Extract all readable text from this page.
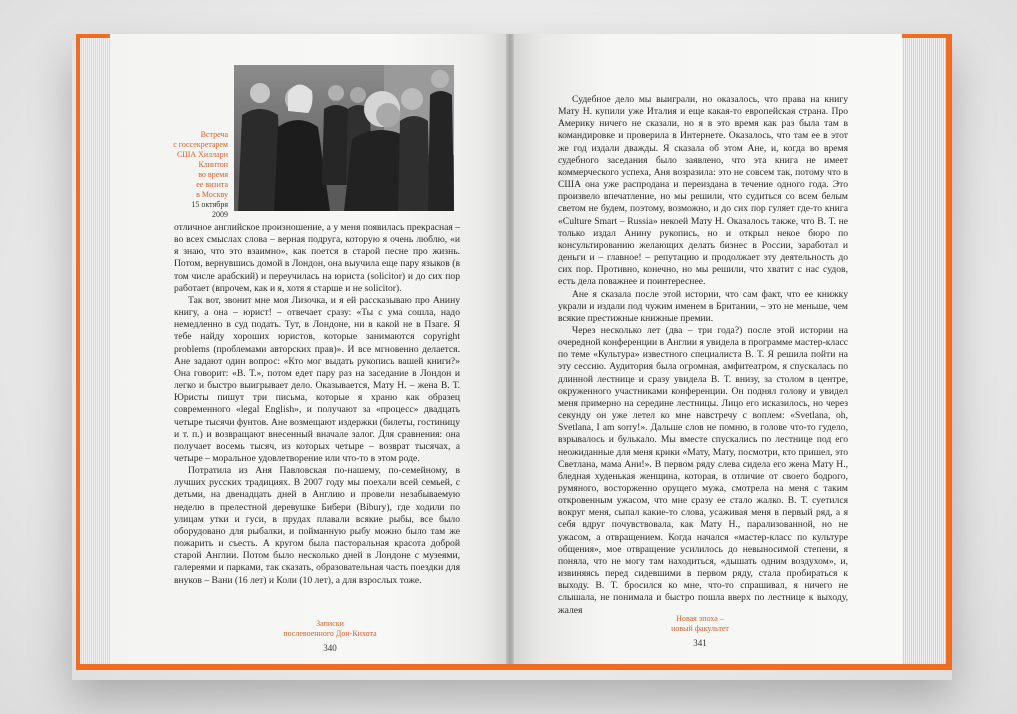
Встреча
с госсекретарем
США Хиллари
Клинтон
во время
ее визита
в Москву
15 октября
2009

отличное английское произношение, а у меня появилась прекрасная – во всех смыслах слова – верная подруга, которую я очень люблю, «и я знаю, что это взаимно», как поется в старой песне про жизнь. Потом, вернувшись домой в Лондон, она выучила еще пару языков (в том числе арабский) и переучилась на юриста (solicitor) и до сих пор работает (впрочем, как и я, хотя я старше и не solicitor).

Так вот, звонит мне моя Лизочка, и я ей рассказываю про Анину книгу, а она – юрист! – отвечает сразу: «Ты с ума сошла, надо немедленно в суд подать. Тут, в Лондоне, ни в какой не в Пзаге. Я тебе найду хороших юристов, которые занимаются copyright problems (проблемами авторских прав)». И все мгновенно делается. Ане задают один вопрос: «Кто мог выдать рукопись вашей книги?» Она говорит: «В. Т.», потом едет пару раз на заседание в Лондон и легко и быстро выигрывает дело. Оказывается, Мату Н. – жена В. Т. Юристы пишут три письма, которые я храню как образец современного «legal English», и получают за «процесс» двадцать четыре тысячи фунтов. Ане возмещают издержки (билеты, гостиницу и т. п.) и возвращают внесенный вначале залог. Для сравнения: она получает восемь тысяч, из которых четыре – возврат тысячах, а четыре – моральное удовлетворение или что-то в этом роде.

Потратила из Аня Павловская по-нашему, по-семейному, в лучших русских традициях. В 2007 году мы поехали всей семьей, с детьми, на двенадцать дней в Англию и провели незабываемую неделю в прелестной деревушке Бибери (Bibury), где ходили по улицам утки и гуси, в прудах плавали всякие рыбы, все было оборудовано для рыбалки, и пойманную рыбу можно было там же пожарить и съесть. А кругом была пасторальная красота доброй старой Англии. Потом было несколько дней в Лондоне с музеями, галереями и парками, так сказать, образовательная часть поездки для внуков – Вани (16 лет) и Коли (10 лет), а для взрослых тоже.

Записки
послевоенного Дон-Кихота
340

Судебное дело мы выиграли, но оказалось, что права на книгу Мату Н. купили уже Италия и еще какая-то европейская страна. Про Америку ничего не сказали, но я в это время как раз была там в командировке и проверила в Интернете. Оказалось, что там ее в этот же год издали дважды. Я сказала об этом Ане, и, когда во время судебного заседания было заявлено, что эта книга не имеет коммерческого успеха, Аня возразила: это не совсем так, потому что в США она уже распродана и переиздана в течение одного года. Это произвело впечатление, но мы решили, что судиться со всем белым светом не будем, поэтому, возможно, и до сих пор гуляет где-то книга «Culture Smart – Russia» некоей Мату Н. Оказалось также, что В. Т. не только издал Анину рукопись, но и открыл некое бюро по консультированию желающих делать бизнес в России, заработал и деньги и – главное! – репутацию и продолжает эту деятельность до сих пор. Противно, конечно, но мы решили, что хватит с нас судов, есть дела поважнее и поинтереснее.

Ане я сказала после этой истории, что сам факт, что ее книжку украли и издали под чужим именем в Британии, – это не меньше, чем всякие престижные книжные премии.

Через несколько лет (два – три года?) после этой истории на очередной конференции в Англии я увидела в программе мастер-класс по теме «Культура» известного специалиста В. Т. Я решила пойти на эту сессию. Аудитория была огромная, амфитеатром, я спускалась по длинной лестнице и сразу увидела В. Т. внизу, за столом в центре, окруженного участниками конференции. Он поднял голову и увидел меня примерно на середине лестницы. Лицо его исказилось, но через секунду он уже летел ко мне навстречу с воплем: «Svetlana, oh, Svetlana, I am sorry!». Дальше слов не помню, в голове что-то гудело, взрывалось и булькало. Мы вместе спускались по лестнице под его неожиданные для меня крики «Мату, Мату, посмотри, кто пришел, это Светлана, мама Ани!». В первом ряду слева сидела его жена Мату Н., бледная худенькая женщина, которая, в отличие от своего бодрого, румяного, восторженно орущего мужа, смотрела на меня с таким откровенным ужасом, что мне сразу ее стало жалко. В. Т. суетился вокруг меня, сыпал какие-то слова, усаживая меня в первый ряд, а я себя вдруг почувствовала, как Мату Н., парализованной, но не ужасом, а отвращением. Когда начался «мастер-класс по культуре общения», мое отвращение усилилось до невыносимой степени, я поняла, что не могу там находиться, «дышать одним воздухом», и, извиняясь перед сидевшими в первом ряду, стала пробираться к выходу. В. Т. бросился ко мне, что-то спрашивал, я ничего не слышала, не понимала и быстро пошла вверх по лестнице к выходу, жалея

Новая эпоха –
новый факультет
341
